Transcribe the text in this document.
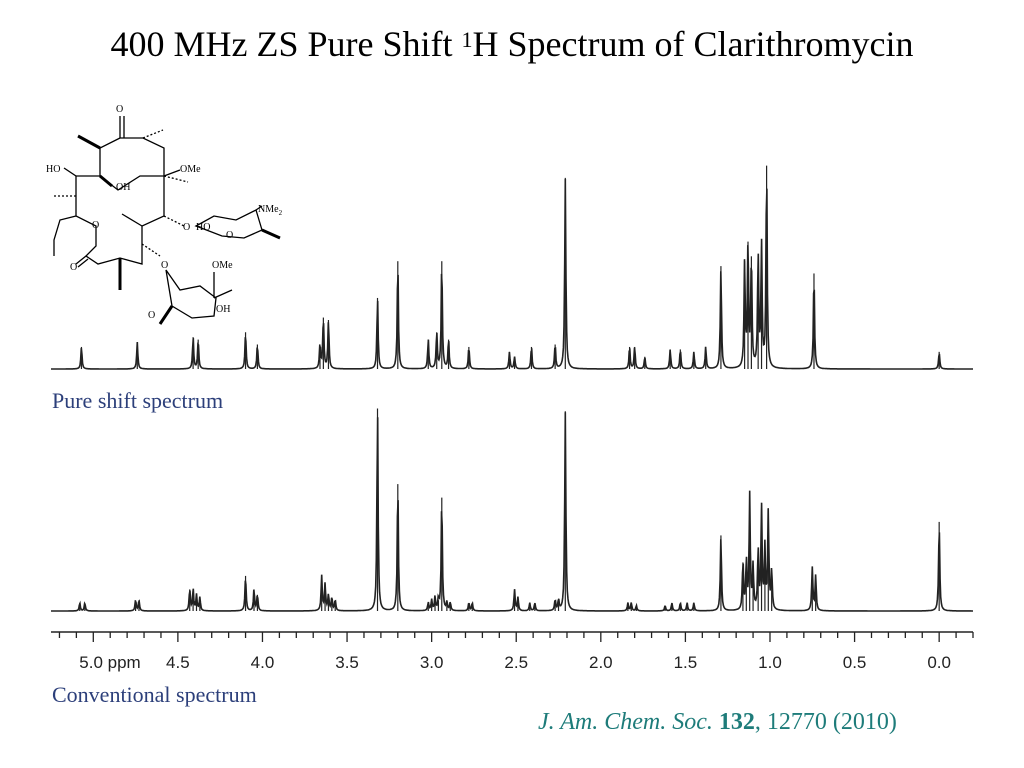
400 MHz ZS Pure Shift $^1$H Spectrum of Clarithromycin
O
OMe
HO
OH
NMe$_2$
O HO
O
O
O	O	OMe
O
OH
5.0 ppm 4.5	4.0	3.5	3.0	2.5	2.0	1.5	1.0	0.5	0.0
Pure shift spectrum
Conventional spectrum
J. Am. Chem. Soc. 132, 12770 (2010)
